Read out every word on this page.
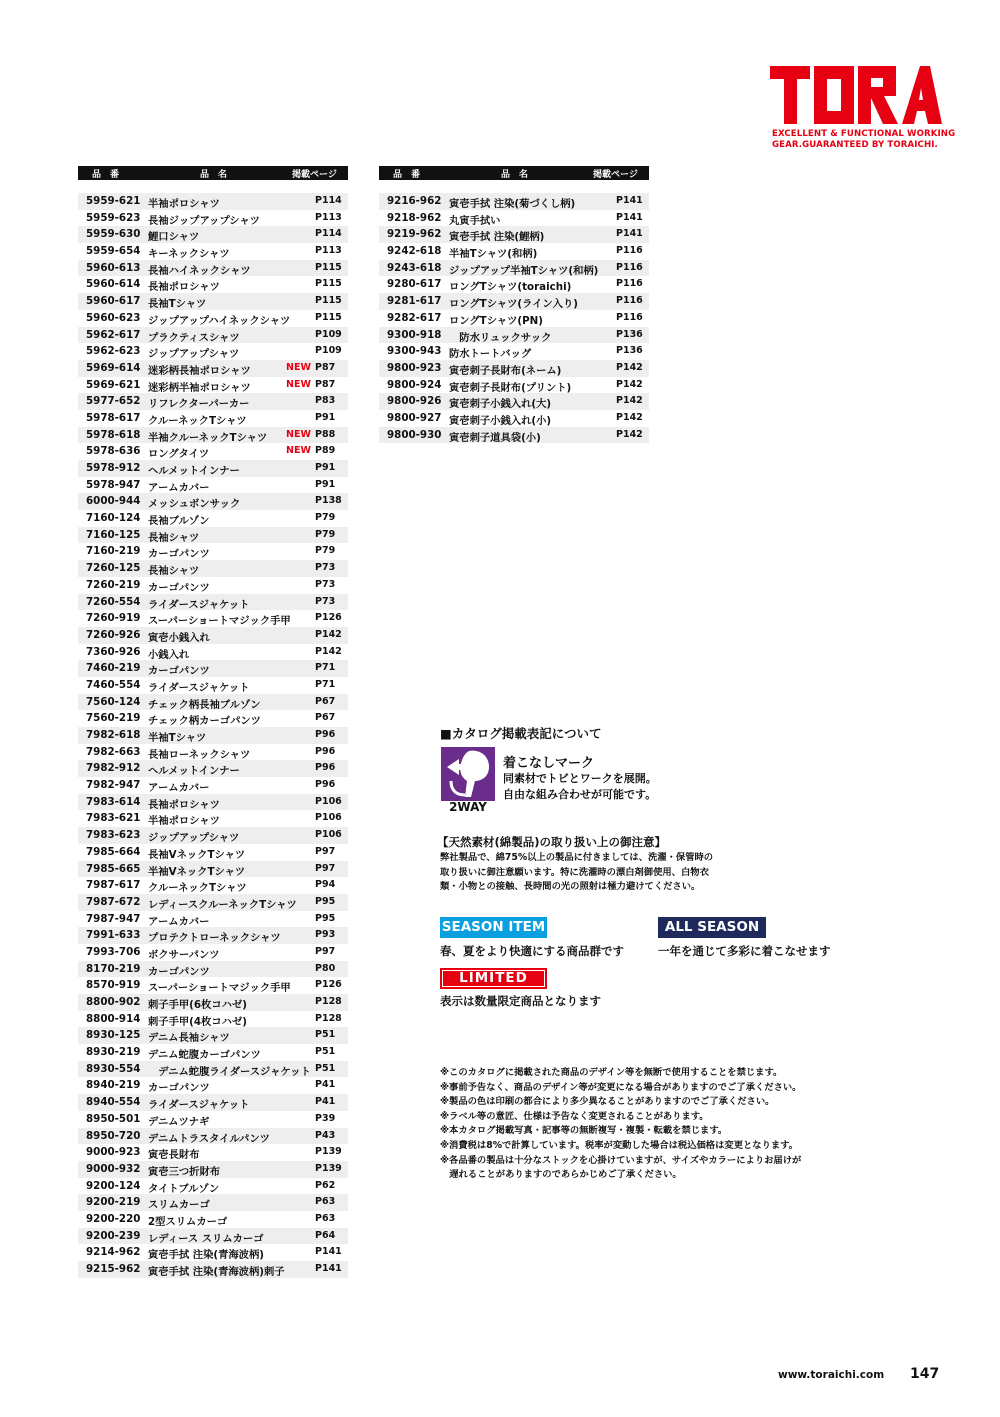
EXCELLENT & FUNCTIONAL WORKING
GEAR.GUARANTEED BY TORAICHI.
品　番	品　名	掲載ページ
5959-621 半袖ポロシャツ	P114
5959-623 長袖ジップアップシャツ	P113
5959-630 鯉口シャツ	P114
5959-654 キーネックシャツ	P113
5960-613 長袖ハイネックシャツ	P115
5960-614 長袖ポロシャツ	P115
5960-617 長袖Tシャツ	P115
5960-623 ジップアップハイネックシャツ	P115
5962-617 プラクティスシャツ	P109
5962-623 ジップアップシャツ	P109
5969-614 迷彩柄長袖ポロシャツ	NEW P87
5969-621 迷彩柄半袖ポロシャツ	NEW P87
5977-652 リフレクターパーカー	P83
5978-617 クルーネックTシャツ	P91
5978-618 半袖クルーネックTシャツ NEW P88
5978-636 ロングタイツ	NEW P89
5978-912 ヘルメットインナー	P91
5978-947 アームカバー	P91
6000-944 メッシュボンサック	P138
7160-124 長袖ブルゾン	P79
7160-125 長袖シャツ	P79
7160-219 カーゴパンツ	P79
7260-125 長袖シャツ	P73
7260-219 カーゴパンツ	P73
7260-554 ライダースジャケット	P73
7260-919 スーパーショートマジック手甲	P126
7260-926 寅壱小銭入れ	P142
7360-926 小銭入れ	P142
7460-219 カーゴパンツ	P71
7460-554 ライダースジャケット	P71
7560-124 チェック柄長袖ブルゾン	P67
7560-219 チェック柄カーゴパンツ	P67
7982-618 半袖Tシャツ	P96
7982-663 長袖ローネックシャツ	P96
7982-912 ヘルメットインナー	P96
7982-947 アームカバー	P96
7983-614 長袖ポロシャツ	P106
7983-621 半袖ポロシャツ	P106
7983-623 ジップアップシャツ	P106
7985-664 長袖VネックTシャツ	P97
7985-665 半袖VネックTシャツ	P97
7987-617 クルーネックTシャツ	P94
7987-672 レディースクルーネックTシャツ P95
7987-947 アームカバー	P95
7991-633 プロテクトローネックシャツ	P93
7993-706 ボクサーパンツ	P97
8170-219 カーゴパンツ	P80
8570-919 スーパーショートマジック手甲	P126
8800-902 刺子手甲(6枚コハゼ)	P128
8800-914 刺子手甲(4枚コハゼ)	P128
8930-125 デニム長袖シャツ	P51
8930-219 デニム蛇腹カーゴパンツ	P51
8930-554 　デニム蛇腹ライダースジャケット P51
8940-219 カーゴパンツ	P41
8940-554 ライダースジャケット	P41
8950-501 デニムツナギ	P39
8950-720 デニムトラスタイルパンツ	P43
9000-923 寅壱長財布	P139
9000-932 寅壱三つ折財布	P139
9200-124 タイトブルゾン	P62
9200-219 スリムカーゴ	P63
9200-220 2型スリムカーゴ	P63
9200-239 レディース スリムカーゴ	P64
9214-962 寅壱手拭 注染(青海波柄)	P141
9215-962 寅壱手拭 注染(青海波柄)刺子	P141
品　番	品　名	掲載ページ
9216-962 寅壱手拭 注染(菊づくし柄)	P141
9218-962 丸寅手拭い	P141
9219-962 寅壱手拭 注染(鯉柄)	P141
9242-618 半袖Tシャツ(和柄)	P116
9243-618 ジップアップ半袖Tシャツ(和柄) P116
9280-617 ロングTシャツ(toraichi)	P116
9281-617 ロングTシャツ(ライン入り)	P116
9282-617 ロングTシャツ(PN)	P116
9300-918 　防水リュックサック	P136
9300-943 防水トートバッグ	P136
9800-923 寅壱刺子長財布(ネーム)	P142
9800-924 寅壱刺子長財布(プリント)	P142
9800-926 寅壱刺子小銭入れ(大)	P142
9800-927 寅壱刺子小銭入れ(小)	P142
9800-930 寅壱刺子道具袋(小)	P142
■カタログ掲載表記について
2WAY
着こなしマーク
同素材でトビとワークを展開。
自由な組み合わせが可能です。
【天然素材(綿製品)の取り扱い上の御注意】
弊社製品で、綿75%以上の製品に付きましては、洗濯・保管時の
取り扱いに御注意願います。特に洗濯時の漂白剤御使用、白物衣
類・小物との接触、長時間の光の照射は極力避けてください。
SEASON ITEM
春、夏をより快適にする商品群です
ALL SEASON
一年を通じて多彩に着こなせます
LIMITED
表示は数量限定商品となります
※このカタログに掲載された商品のデザイン等を無断で使用することを禁じます。
※事前予告なく、商品のデザイン等が変更になる場合がありますのでご了承ください。
※製品の色は印刷の都合により多少異なることがありますのでご了承ください。
※ラベル等の意匠、仕様は予告なく変更されることがあります。
※本カタログ掲載写真・記事等の無断複写・複製・転載を禁じます。
※消費税は8%で計算しています。税率が変動した場合は税込価格は変更となります。
※各品番の製品は十分なストックを心掛けていますが、サイズやカラーによりお届けが
　遅れることがありますのであらかじめご了承ください。
www.toraichi.com 147
